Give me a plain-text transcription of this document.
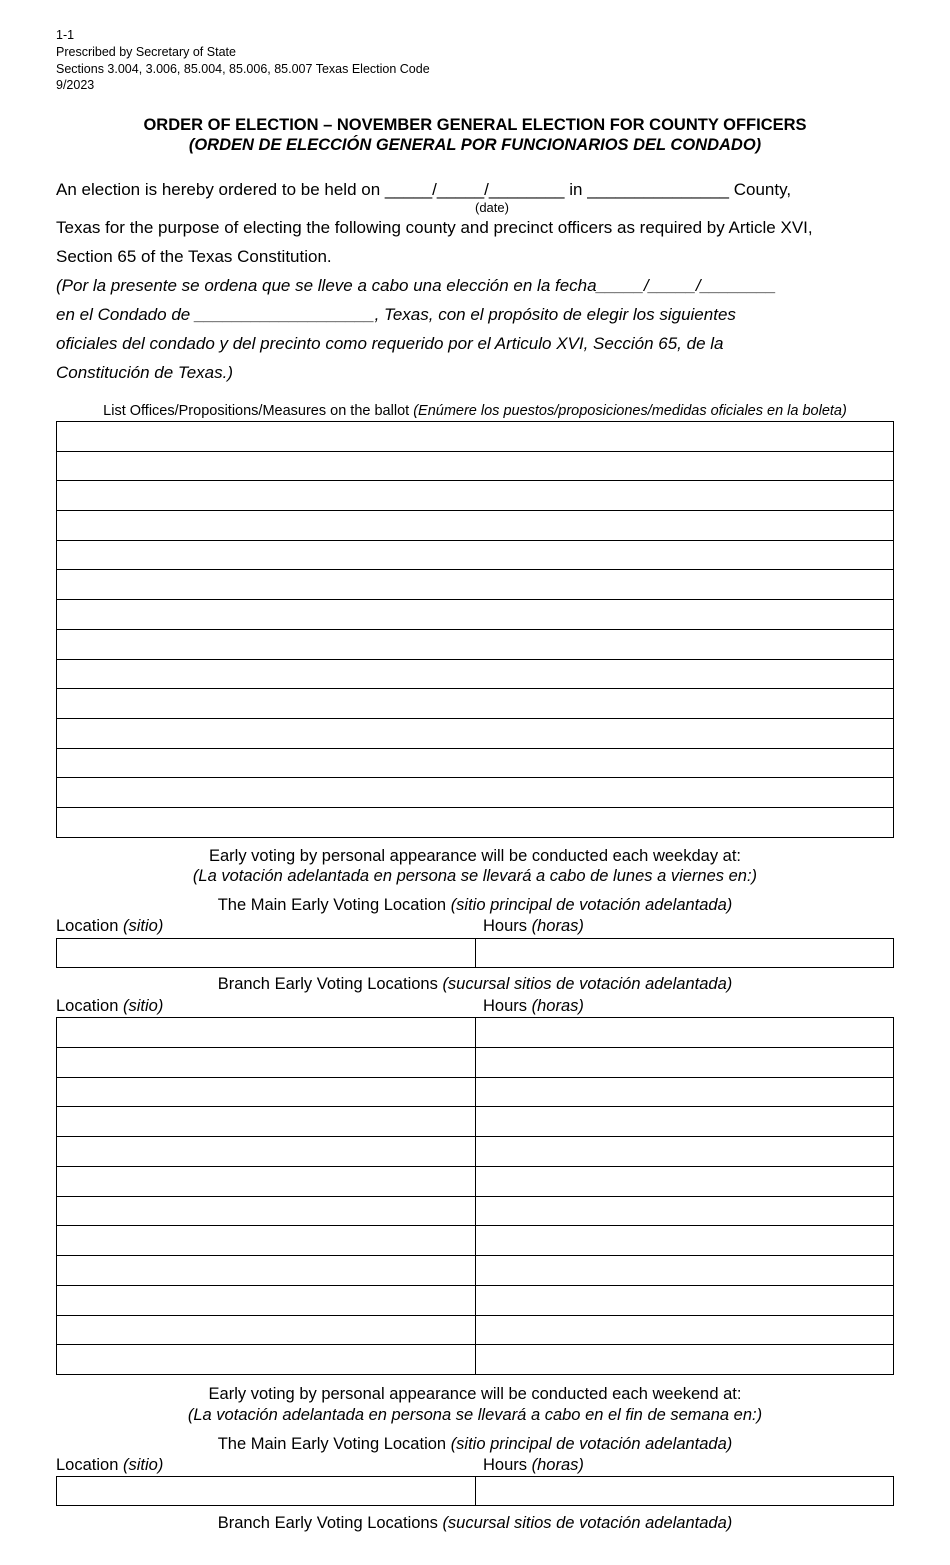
1-1
Prescribed by Secretary of State
Sections 3.004, 3.006, 85.004, 85.006, 85.007 Texas Election Code
9/2023
ORDER OF ELECTION – NOVEMBER GENERAL ELECTION FOR COUNTY OFFICERS
(ORDEN DE ELECCIÓN GENERAL POR FUNCIONARIOS DEL CONDADO)
An election is hereby ordered to be held on _____/_____/________ in _______________ County,
(date)
Texas for the purpose of electing the following county and precinct officers as required by Article XVI,
Section 65 of the Texas Constitution.
(Por la presente se ordena que se lleve a cabo una elección en la fecha_____/_____/________
en el Condado de ___________________, Texas, con el propósito de elegir los siguientes
oficiales del condado y del precinto como requerido por el Articulo XVI, Sección 65, de la
Constitución de Texas.)
List Offices/Propositions/Measures on the ballot (Enúmere los puestos/proposiciones/medidas oficiales en la boleta)

Early voting by personal appearance will be conducted each weekday at:
(La votación adelantada en persona se llevará a cabo de lunes a viernes en:)
The Main Early Voting Location (sitio principal de votación adelantada)
Location (sitio)	Hours (horas)

Branch Early Voting Locations (sucursal sitios de votación adelantada)
Location (sitio)	Hours (horas)

Early voting by personal appearance will be conducted each weekend at:
(La votación adelantada en persona se llevará a cabo en el fin de semana en:)
The Main Early Voting Location (sitio principal de votación adelantada)
Location (sitio)	Hours (horas)

Branch Early Voting Locations (sucursal sitios de votación adelantada)
